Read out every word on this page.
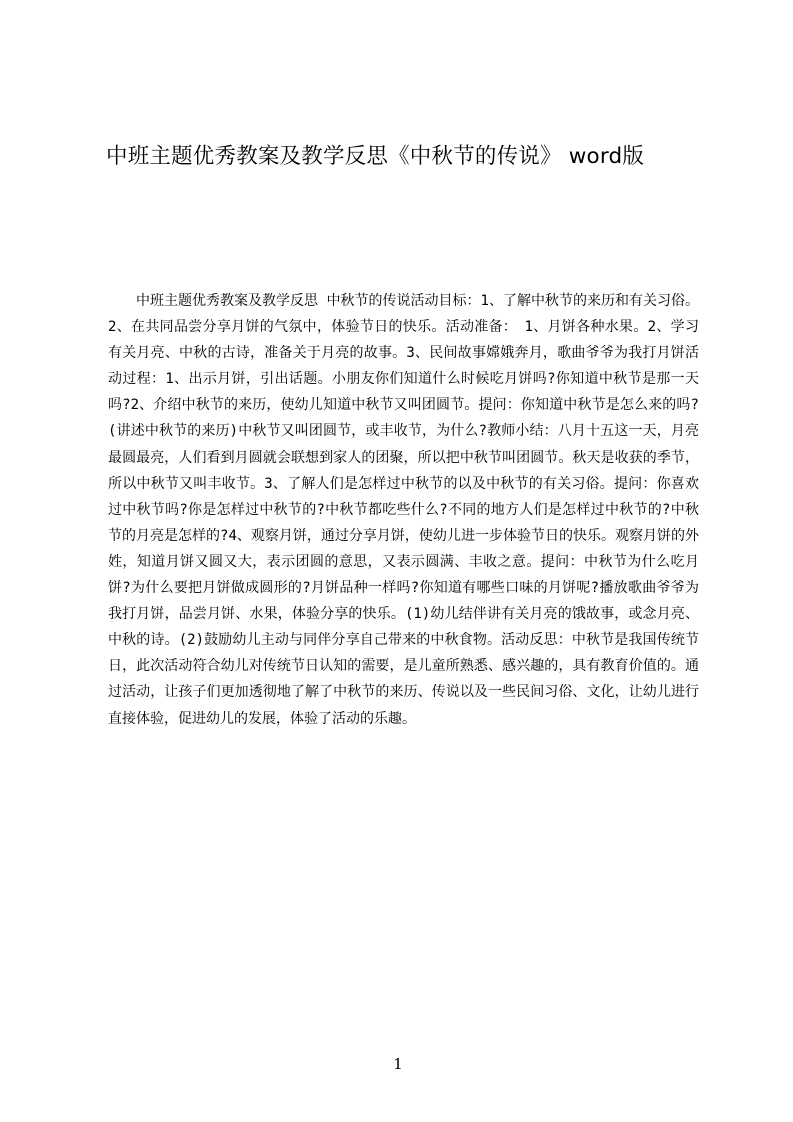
中班主题优秀教案及教学反思《中秋节的传说》 word版

中班主题优秀教案及教学反思 中秋节的传说活动目标：1、了解中秋节的来历和有关习俗。2、在共同品尝分享月饼的气氛中，体验节日的快乐。活动准备：　1、月饼各种水果。2、学习有关月亮、中秋的古诗，准备关于月亮的故事。3、民间故事嫦娥奔月，歌曲爷爷为我打月饼活动过程：1、出示月饼，引出话题。小朋友你们知道什么时候吃月饼吗?你知道中秋节是那一天吗?2、介绍中秋节的来历，使幼儿知道中秋节又叫团圆节。提问：你知道中秋节是怎么来的吗?(讲述中秋节的来历)中秋节又叫团圆节，或丰收节，为什么?教师小结：八月十五这一天，月亮最圆最亮，人们看到月圆就会联想到家人的团聚，所以把中秋节叫团圆节。秋天是收获的季节，所以中秋节又叫丰收节。3、了解人们是怎样过中秋节的以及中秋节的有关习俗。提问：你喜欢过中秋节吗?你是怎样过中秋节的?中秋节都吃些什么?不同的地方人们是怎样过中秋节的?中秋节的月亮是怎样的?4、观察月饼，通过分享月饼，使幼儿进一步体验节日的快乐。观察月饼的外姓，知道月饼又圆又大，表示团圆的意思，又表示圆满、丰收之意。提问：中秋节为什么吃月饼?为什么要把月饼做成圆形的?月饼品种一样吗?你知道有哪些口味的月饼呢?播放歌曲爷爷为我打月饼，品尝月饼、水果，体验分享的快乐。(1)幼儿结伴讲有关月亮的饿故事，或念月亮、中秋的诗。(2)鼓励幼儿主动与同伴分享自己带来的中秋食物。活动反思：中秋节是我国传统节日，此次活动符合幼儿对传统节日认知的需要，是儿童所熟悉、感兴趣的，具有教育价值的。通过活动，让孩子们更加透彻地了解了中秋节的来历、传说以及一些民间习俗、文化，让幼儿进行直接体验，促进幼儿的发展，体验了活动的乐趣。

1
